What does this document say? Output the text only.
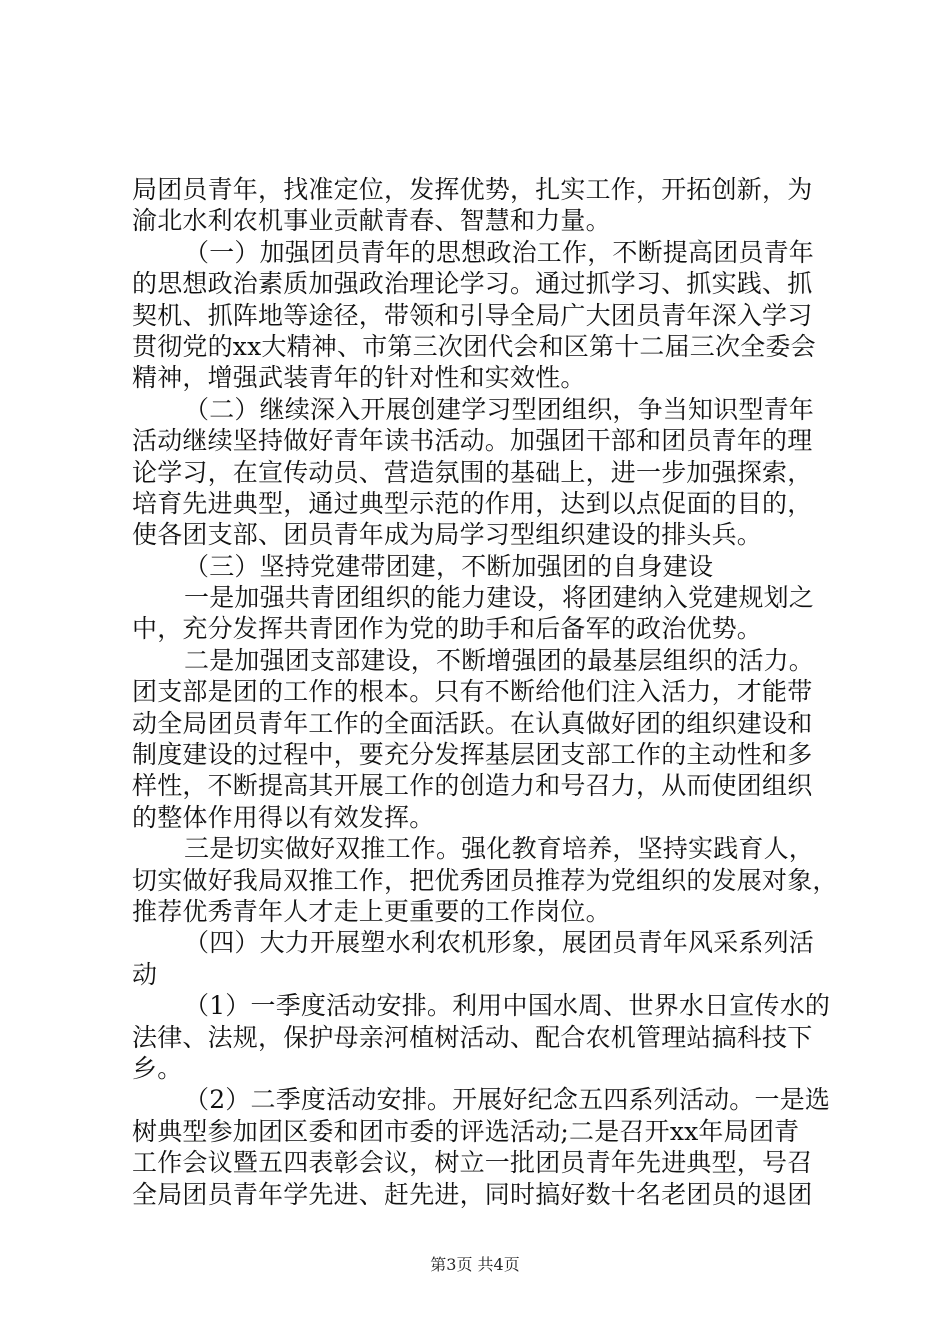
局团员青年，找准定位，发挥优势，扎实工作，开拓创新，为
渝北水利农机事业贡献青春、智慧和力量。
（一）加强团员青年的思想政治工作，不断提高团员青年
的思想政治素质加强政治理论学习。通过抓学习、抓实践、抓
契机、抓阵地等途径，带领和引导全局广大团员青年深入学习
贯彻党的xx大精神、市第三次团代会和区第十二届三次全委会
精神，增强武装青年的针对性和实效性。
（二）继续深入开展创建学习型团组织，争当知识型青年
活动继续坚持做好青年读书活动。加强团干部和团员青年的理
论学习，在宣传动员、营造氛围的基础上，进一步加强探索，
培育先进典型，通过典型示范的作用，达到以点促面的目的，
使各团支部、团员青年成为局学习型组织建设的排头兵。
（三）坚持党建带团建，不断加强团的自身建设
一是加强共青团组织的能力建设，将团建纳入党建规划之
中，充分发挥共青团作为党的助手和后备军的政治优势。
二是加强团支部建设，不断增强团的最基层组织的活力。
团支部是团的工作的根本。只有不断给他们注入活力，才能带
动全局团员青年工作的全面活跃。在认真做好团的组织建设和
制度建设的过程中，要充分发挥基层团支部工作的主动性和多
样性，不断提高其开展工作的创造力和号召力，从而使团组织
的整体作用得以有效发挥。
三是切实做好双推工作。强化教育培养，坚持实践育人，
切实做好我局双推工作，把优秀团员推荐为党组织的发展对象，
推荐优秀青年人才走上更重要的工作岗位。
（四）大力开展塑水利农机形象，展团员青年风采系列活
动
（1）一季度活动安排。利用中国水周、世界水日宣传水的
法律、法规，保护母亲河植树活动、配合农机管理站搞科技下
乡。
（2）二季度活动安排。开展好纪念五四系列活动。一是选
树典型参加团区委和团市委的评选活动;二是召开xx年局团青
工作会议暨五四表彰会议，树立一批团员青年先进典型，号召
全局团员青年学先进、赶先进，同时搞好数十名老团员的退团
第3页 共4页
